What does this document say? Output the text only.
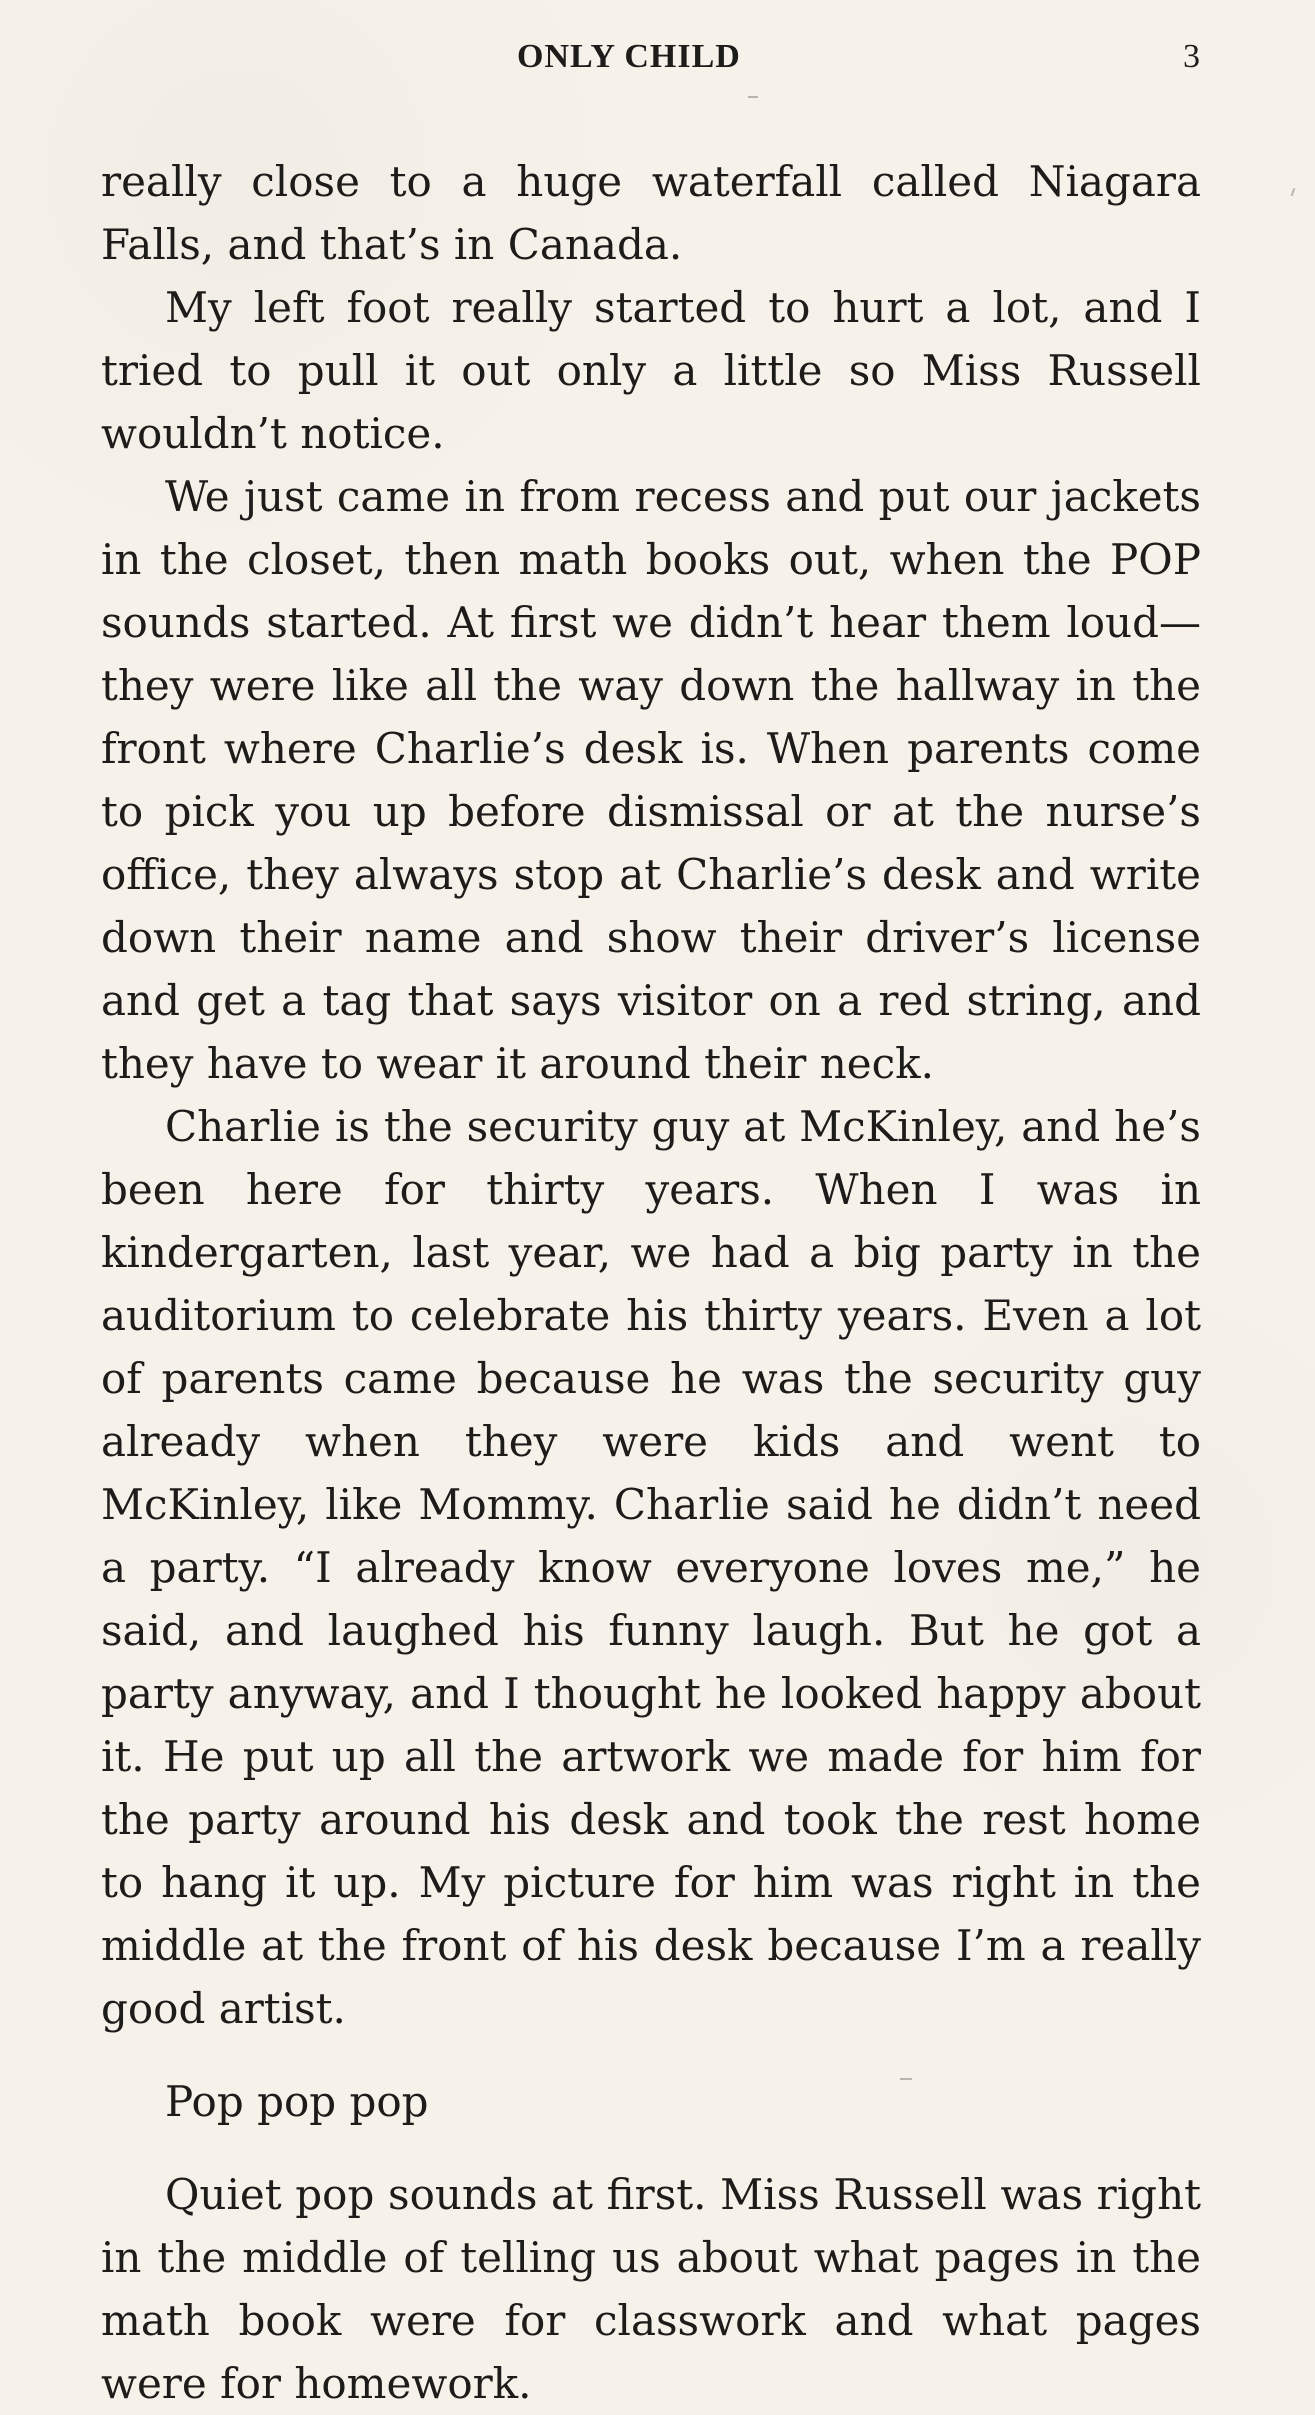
ONLY CHILD	3

really close to a huge waterfall called Niagara Falls, and that’s in Canada.

My left foot really started to hurt a lot, and I tried to pull it out only a little so Miss Russell wouldn’t notice.

We just came in from recess and put our jackets in the closet, then math books out, when the POP sounds started. At first we didn’t hear them loud—they were like all the way down the hallway in the front where Charlie’s desk is. When parents come to pick you up before dismissal or at the nurse’s office, they always stop at Charlie’s desk and write down their name and show their driver’s license and get a tag that says visitor on a red string, and they have to wear it around their neck.

Charlie is the security guy at McKinley, and he’s been here for thirty years. When I was in kindergarten, last year, we had a big party in the auditorium to celebrate his thirty years. Even a lot of parents came because he was the security guy already when they were kids and went to McKinley, like Mommy. Charlie said he didn’t need a party. “I already know everyone loves me,” he said, and laughed his funny laugh. But he got a party anyway, and I thought he looked happy about it. He put up all the artwork we made for him for the party around his desk and took the rest home to hang it up. My picture for him was right in the middle at the front of his desk because I’m a really good artist.

Pop pop pop

Quiet pop sounds at first. Miss Russell was right in the middle of telling us about what pages in the math book were for classwork and what pages were for homework.
